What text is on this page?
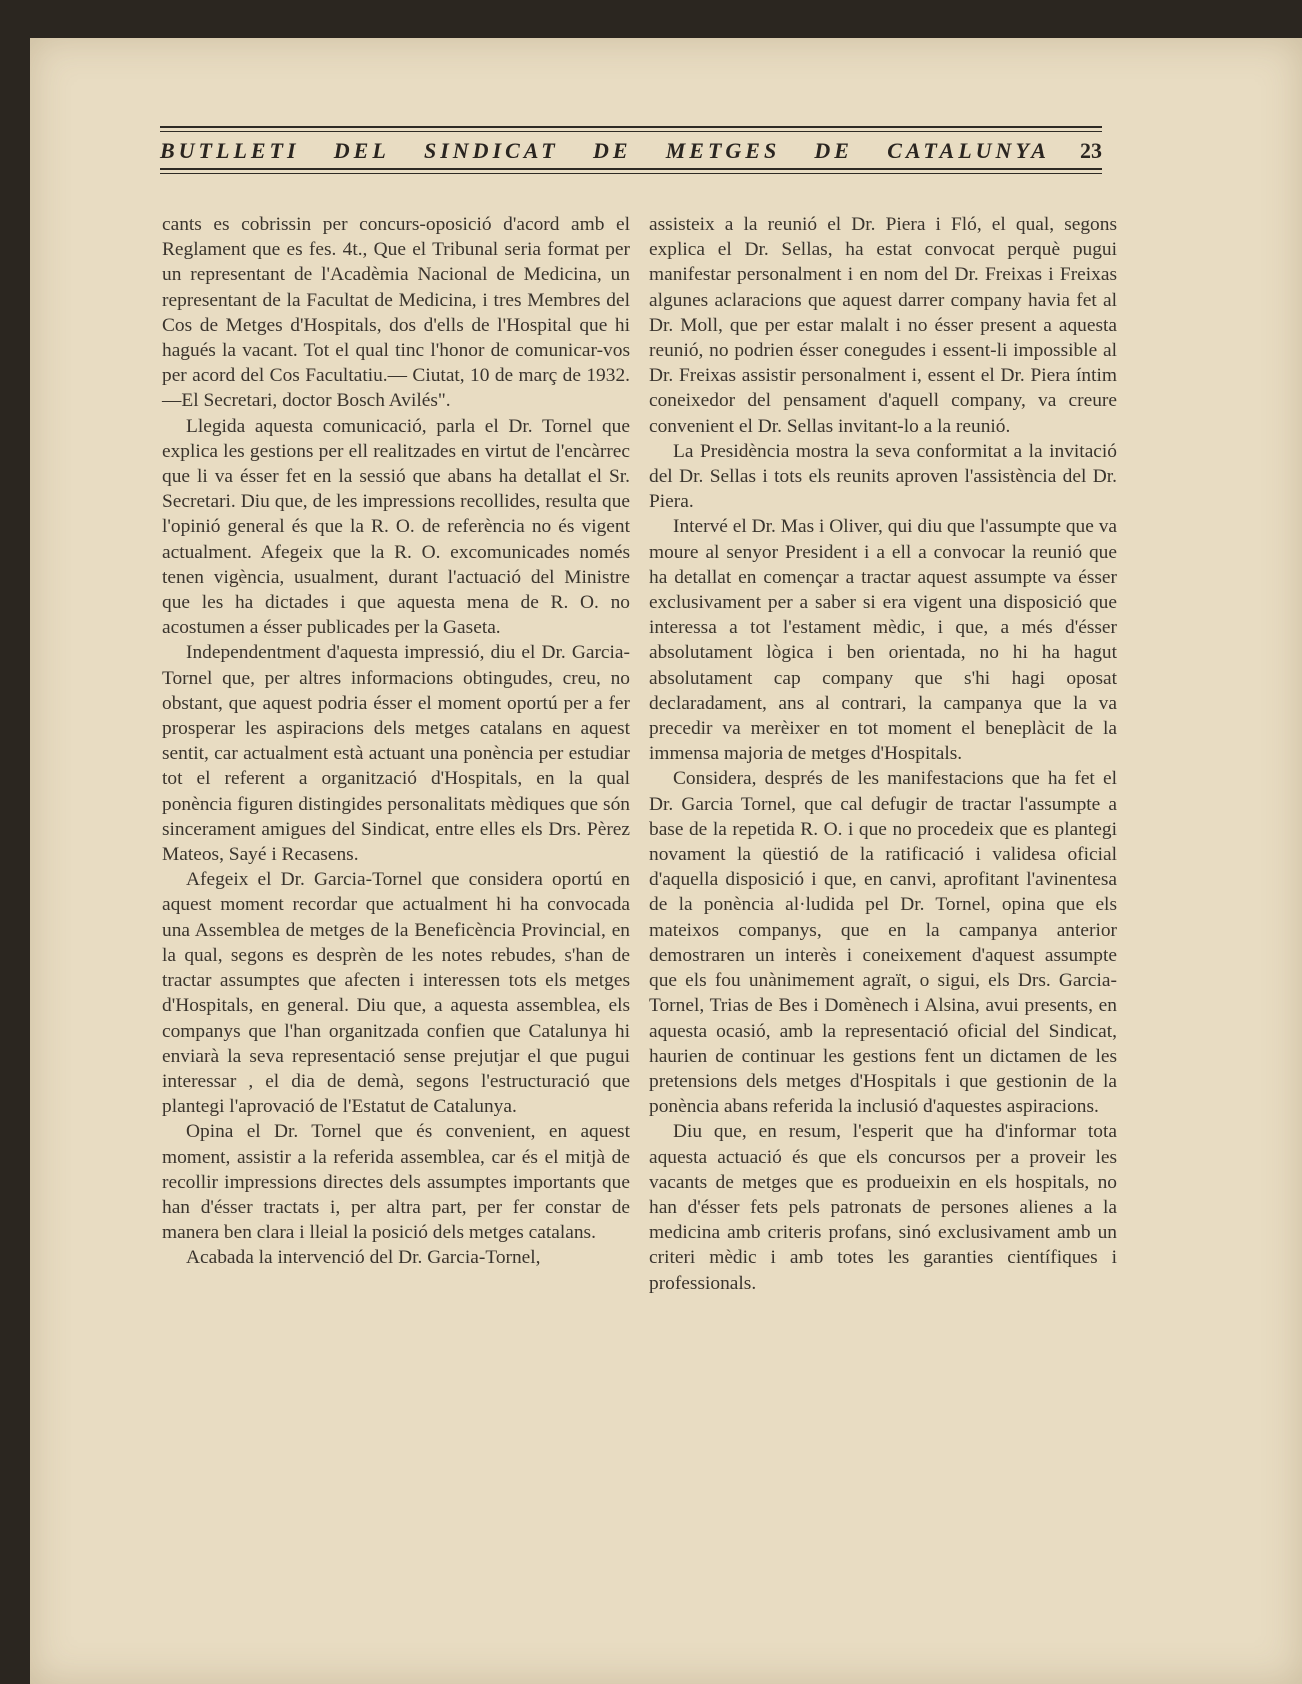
BUTLLETI DEL SINDICAT DE METGES DE CATALUNYA 23

cants es cobrissin per concurs-oposició d'acord amb el Reglament que es fes. 4t., Que el Tribunal seria format per un representant de l'Acadèmia Nacional de Medicina, un representant de la Facultat de Medicina, i tres Membres del Cos de Metges d'Hospitals, dos d'ells de l'Hospital que hi hagués la vacant. Tot el qual tinc l'honor de comunicar-vos per acord del Cos Facultatiu.— Ciutat, 10 de març de 1932.—El Secretari, doctor Bosch Avilés".

Llegida aquesta comunicació, parla el Dr. Tornel que explica les gestions per ell realitzades en virtut de l'encàrrec que li va ésser fet en la sessió que abans ha detallat el Sr. Secretari. Diu que, de les impressions recollides, resulta que l'opinió general és que la R. O. de referència no és vigent actualment. Afegeix que la R. O. excomunicades només tenen vigència, usualment, durant l'actuació del Ministre que les ha dictades i que aquesta mena de R. O. no acostumen a ésser publicades per la Gaseta.

Independentment d'aquesta impressió, diu el Dr. Garcia-Tornel que, per altres informacions obtingudes, creu, no obstant, que aquest podria ésser el moment oportú per a fer prosperar les aspiracions dels metges catalans en aquest sentit, car actualment està actuant una ponència per estudiar tot el referent a organització d'Hospitals, en la qual ponència figuren distingides personalitats mèdiques que són sincerament amigues del Sindicat, entre elles els Drs. Pèrez Mateos, Sayé i Recasens.

Afegeix el Dr. Garcia-Tornel que considera oportú en aquest moment recordar que actualment hi ha convocada una Assemblea de metges de la Beneficència Provincial, en la qual, segons es desprèn de les notes rebudes, s'han de tractar assumptes que afecten i interessen tots els metges d'Hospitals, en general. Diu que, a aquesta assemblea, els companys que l'han organitzada confien que Catalunya hi enviarà la seva representació sense prejutjar el que pugui interessar , el dia de demà, segons l'estructuració que plantegi l'aprovació de l'Estatut de Catalunya.

Opina el Dr. Tornel que és convenient, en aquest moment, assistir a la referida assemblea, car és el mitjà de recollir impressions directes dels assumptes importants que han d'ésser tractats i, per altra part, per fer constar de manera ben clara i lleial la posició dels metges catalans.

Acabada la intervenció del Dr. Garcia-Tornel,

assisteix a la reunió el Dr. Piera i Fló, el qual, segons explica el Dr. Sellas, ha estat convocat perquè pugui manifestar personalment i en nom del Dr. Freixas i Freixas algunes aclaracions que aquest darrer company havia fet al Dr. Moll, que per estar malalt i no ésser present a aquesta reunió, no podrien ésser conegudes i essent-li impossible al Dr. Freixas assistir personalment i, essent el Dr. Piera íntim coneixedor del pensament d'aquell company, va creure convenient el Dr. Sellas invitant-lo a la reunió.

La Presidència mostra la seva conformitat a la invitació del Dr. Sellas i tots els reunits aproven l'assistència del Dr. Piera.

Intervé el Dr. Mas i Oliver, qui diu que l'assumpte que va moure al senyor President i a ell a convocar la reunió que ha detallat en començar a tractar aquest assumpte va ésser exclusivament per a saber si era vigent una disposició que interessa a tot l'estament mèdic, i que, a més d'ésser absolutament lògica i ben orientada, no hi ha hagut absolutament cap company que s'hi hagi oposat declaradament, ans al contrari, la campanya que la va precedir va merèixer en tot moment el beneplàcit de la immensa majoria de metges d'Hospitals.

Considera, després de les manifestacions que ha fet el Dr. Garcia Tornel, que cal defugir de tractar l'assumpte a base de la repetida R. O. i que no procedeix que es plantegi novament la qüestió de la ratificació i validesa oficial d'aquella disposició i que, en canvi, aprofitant l'avinentesa de la ponència al·ludida pel Dr. Tornel, opina que els mateixos companys, que en la campanya anterior demostraren un interès i coneixement d'aquest assumpte que els fou unànimement agraït, o sigui, els Drs. Garcia-Tornel, Trias de Bes i Domènech i Alsina, avui presents, en aquesta ocasió, amb la representació oficial del Sindicat, haurien de continuar les gestions fent un dictamen de les pretensions dels metges d'Hospitals i que gestionin de la ponència abans referida la inclusió d'aquestes aspiracions.

Diu que, en resum, l'esperit que ha d'informar tota aquesta actuació és que els concursos per a proveir les vacants de metges que es produeixin en els hospitals, no han d'ésser fets pels patronats de persones alienes a la medicina amb criteris profans, sinó exclusivament amb un criteri mèdic i amb totes les garanties científiques i professionals.
